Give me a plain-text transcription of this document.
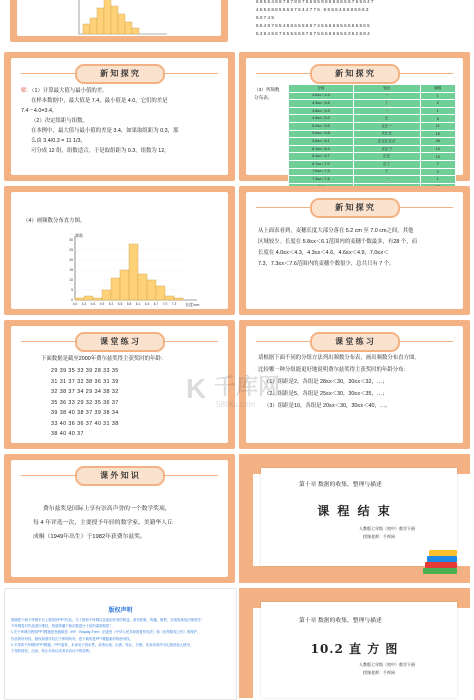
6 8 5 6 4 8 8 7 8 7 8 9 7 5 5 8 5 9 8 5 8 6 6 5 6 7 6 5 6 4 7
4.5 5 6 8 8 5 5 6 6 7 6 4 4 7 7 6 . 6 5 5 6 4 6 6 8 5 6 6 3
6.0 7 4 5
5.5 4 6 7 5 5 4 6 6 6 5 5 5 6 7 4 5 6 5 6 6 5 6 5 6 5 6 6 5
5.3 6 4 5 6 7 6 5 5 5 6 6 7 6 7 5 6 5 6 5 6 5 6 3 6 2 6 8 4
新 知 探 究
解：（1）计算最大值与最小值的差。
在样本数据中，最大值是 7.4，最小值是 4.0，它们的差是
7.4－4.0=3.4。
（2）决定组距与组数。
在本例中，最大值与最小值的差是 3.4，如果取组距为 0.3，那
么由 3.4/0.3 = 11 1/3，
可分成 12 组，组数适合，于是取组距为 0.3，组数为 12。
新 知 探 究
（3）列频数分布表。
分组	划记	频数
4.0≤x＜4.3	一	1
4.3≤x＜4.6	丅	2
4.6≤x＜4.9	一	1
4.9≤x＜5.2	正	5
5.2≤x＜5.5	正正一	11
5.5≤x＜5.8	正正正	15
5.8≤x＜6.1	正正正正正	28
6.1≤x＜6.4	正正下	13
6.4≤x＜6.7	正正	10
6.7≤x＜7.0	正丅	7
7.0≤x＜7.3	丅	2
7.3≤x＜7.6	一	1

（4）画频数分布直方图。
频数
长度/cm
0
5
10
15
20
25
30
4.0 4.3 4.6 4.9 5.2 5.5 5.8 6.1 6.4 6.7 7.0 7.3
新 知 探 究
从上面表看到，麦穗长度大部分落在 5.2 cm 至 7.0 cm之间，其他
区域较少。长度在 5.8≤x＜6.1范围内的麦穗个数最多，有28 个，而
长度在 4.0≤x＜4.3，4.3≤x＜4.6，4.6≤x＜4.9，7.0≤x＜
7.3，7.3≤x＜7.6范围内的麦穗个数很少，总共只有 7 个。
课 堂 练 习
下面数据是截至2000年费尔兹奖得主获奖时的年龄：
29 39 35 33 39 28 33 35
31 31 37 32 38 36 31 39
32 38 37 34 29 34 38 32
35 36 33 29 32 35 36 37
39 38 40 38 37 39 38 34
33 40 36 36 37 40 31 38
38 40 40 37
课 堂 练 习
请根据下面不同的分组方法列出频数分布表，画出频数分布直方图。
比较哪一种分组能更好地说明费尔兹奖得主获奖时的年龄分布：
（1）组距是2，各组是 28≤x＜30，30≤x＜32，…；
（2）组距是5，各组是 25≤x＜30，30≤x＜35，…；
（3）组距是10，各组是 20≤x＜30，30≤x＜40，…。
K 千库网
588ku.com
课 外 知 识
费尔兹奖是国际上享有崇高声誉的一个数学奖项，
每 4 年评选一次，主要授予年轻的数学家。美籍华人丘
成桐（1949年出生）于1982年获费尔兹奖。
第十章 数据的收集、整理与描述
课 程 结 束
人教版七年级（初中）数学下册
授课老师：千库网
版权声明
感谢您下载千库网平台上提供的PPT作品，为了您和千库网以及原创作者的利益，请勿复制、传播、销售，否则将承担法律责任！
千库网将对作品进行维权，按照传播下载次数进行十倍的索取赔偿！
1.在千库网出售的PPT模板是免版税类（RF：Royalty-Free）正版受《中华人民共和国著作权法》和《世界版权公约》的保护，
作品的所有权、版权和著作权归千库网所有，您下载的是PPT模板素材的使用权。
2.不得将千库网的PPT模板、PPT素材，本身用于再出售，或者出租、出借、转让、分销、发布或者作为礼物供他人使用，
不得转授权、出卖、转让本协议或者本协议中的权利。
第十章 数据的收集、整理与描述
10.2 直 方 图
人教版七年级（初中）数学下册
授课老师：千库网
